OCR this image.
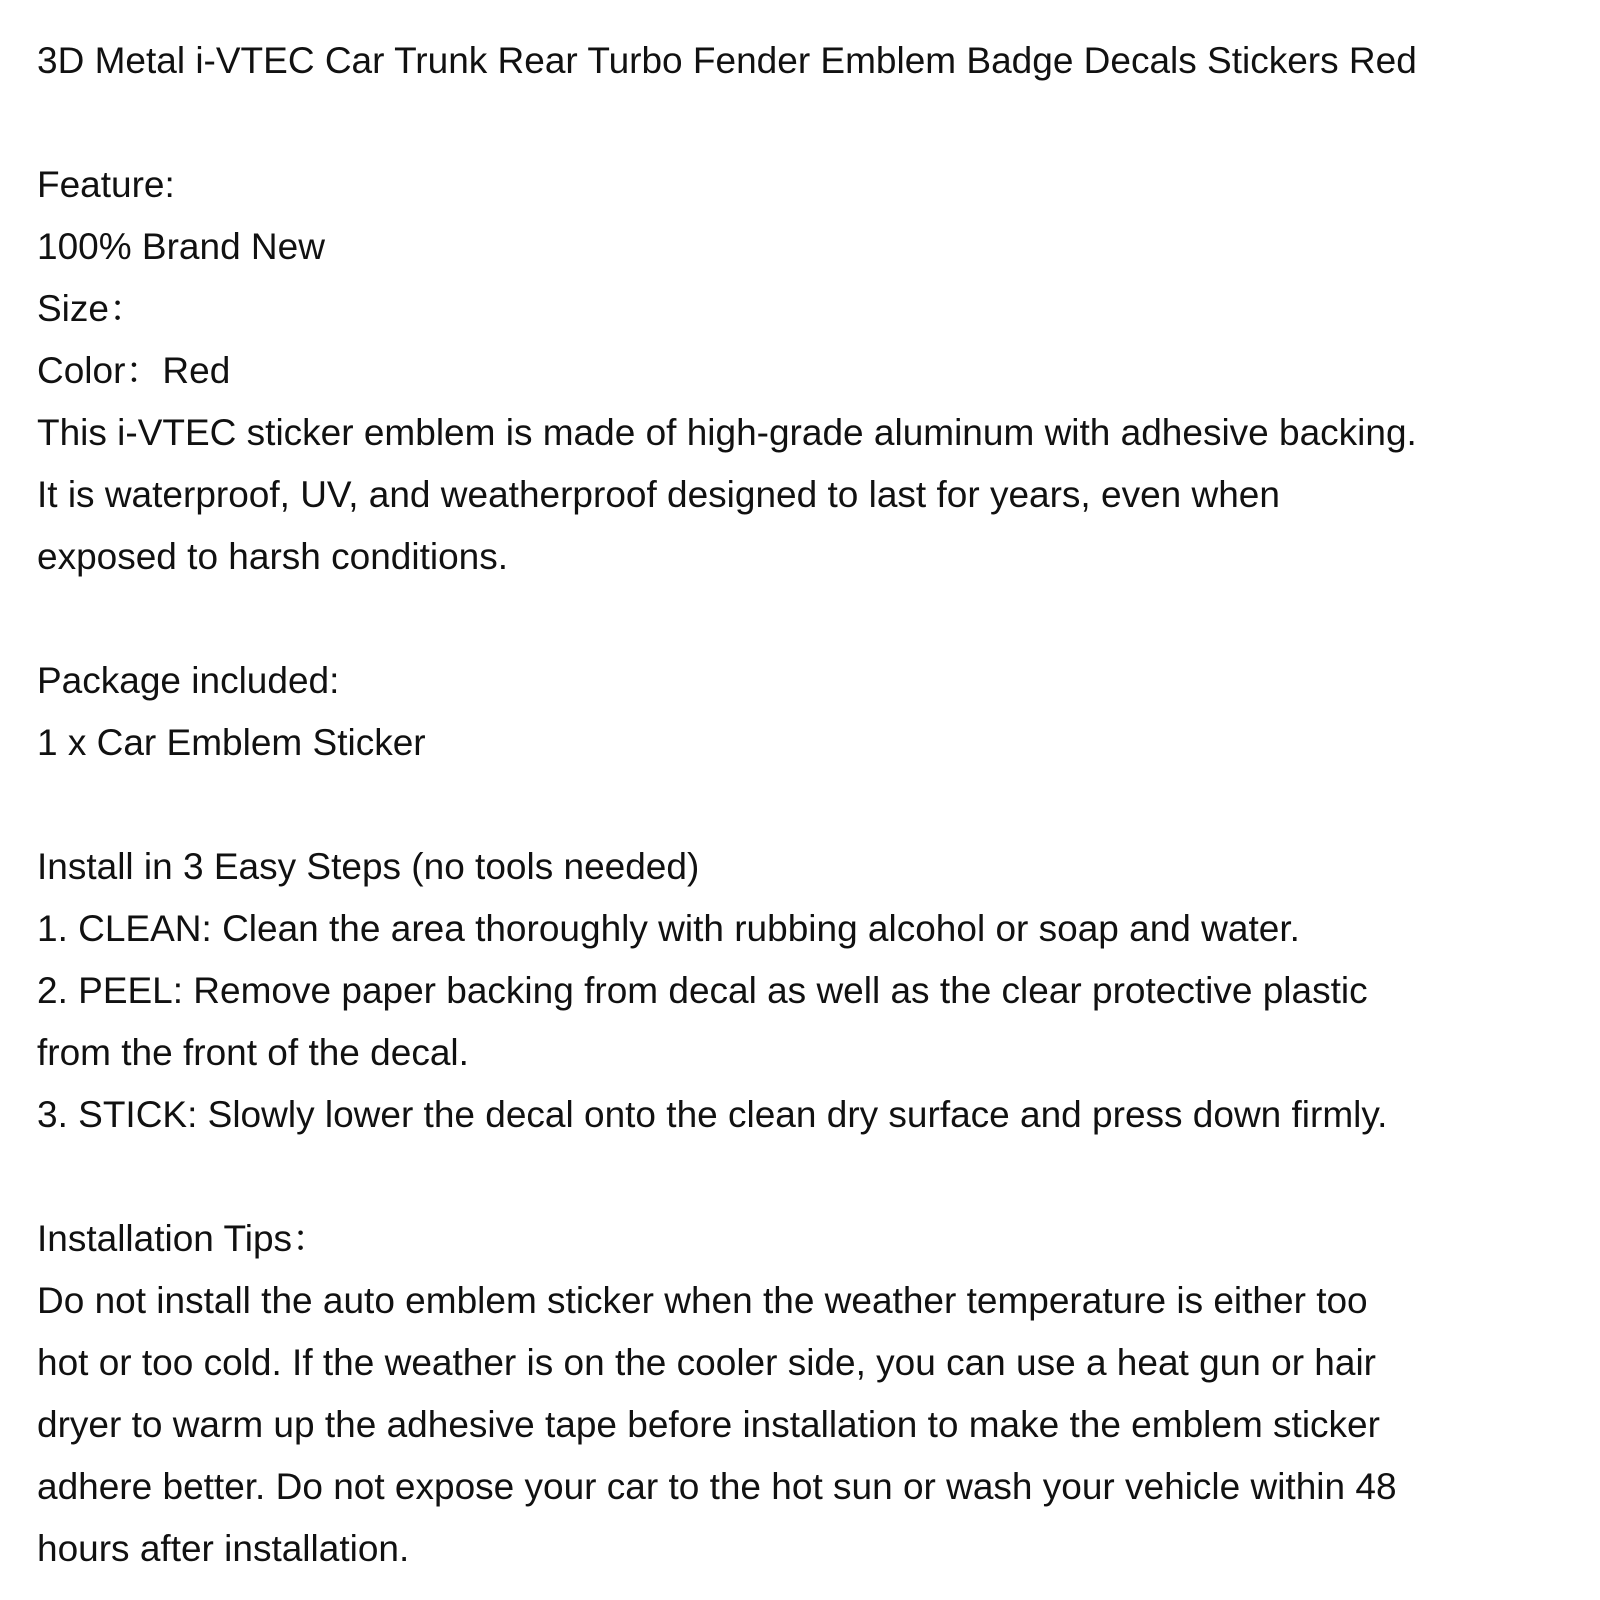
3D Metal i-VTEC Car Trunk Rear Turbo Fender Emblem Badge Decals Stickers Red
Feature:
100% Brand New
Size：
Color：Red
This i-VTEC sticker emblem is made of high-grade aluminum with adhesive backing.
It is waterproof, UV, and weatherproof designed to last for years, even when
exposed to harsh conditions.
Package included:
1 x Car Emblem Sticker
Install in 3 Easy Steps (no tools needed)
1. CLEAN: Clean the area thoroughly with rubbing alcohol or soap and water.
2. PEEL: Remove paper backing from decal as well as the clear protective plastic
from the front of the decal.
3. STICK: Slowly lower the decal onto the clean dry surface and press down firmly.
Installation Tips：
Do not install the auto emblem sticker when the weather temperature is either too
hot or too cold. If the weather is on the cooler side, you can use a heat gun or hair
dryer to warm up the adhesive tape before installation to make the emblem sticker
adhere better. Do not expose your car to the hot sun or wash your vehicle within 48
hours after installation.
